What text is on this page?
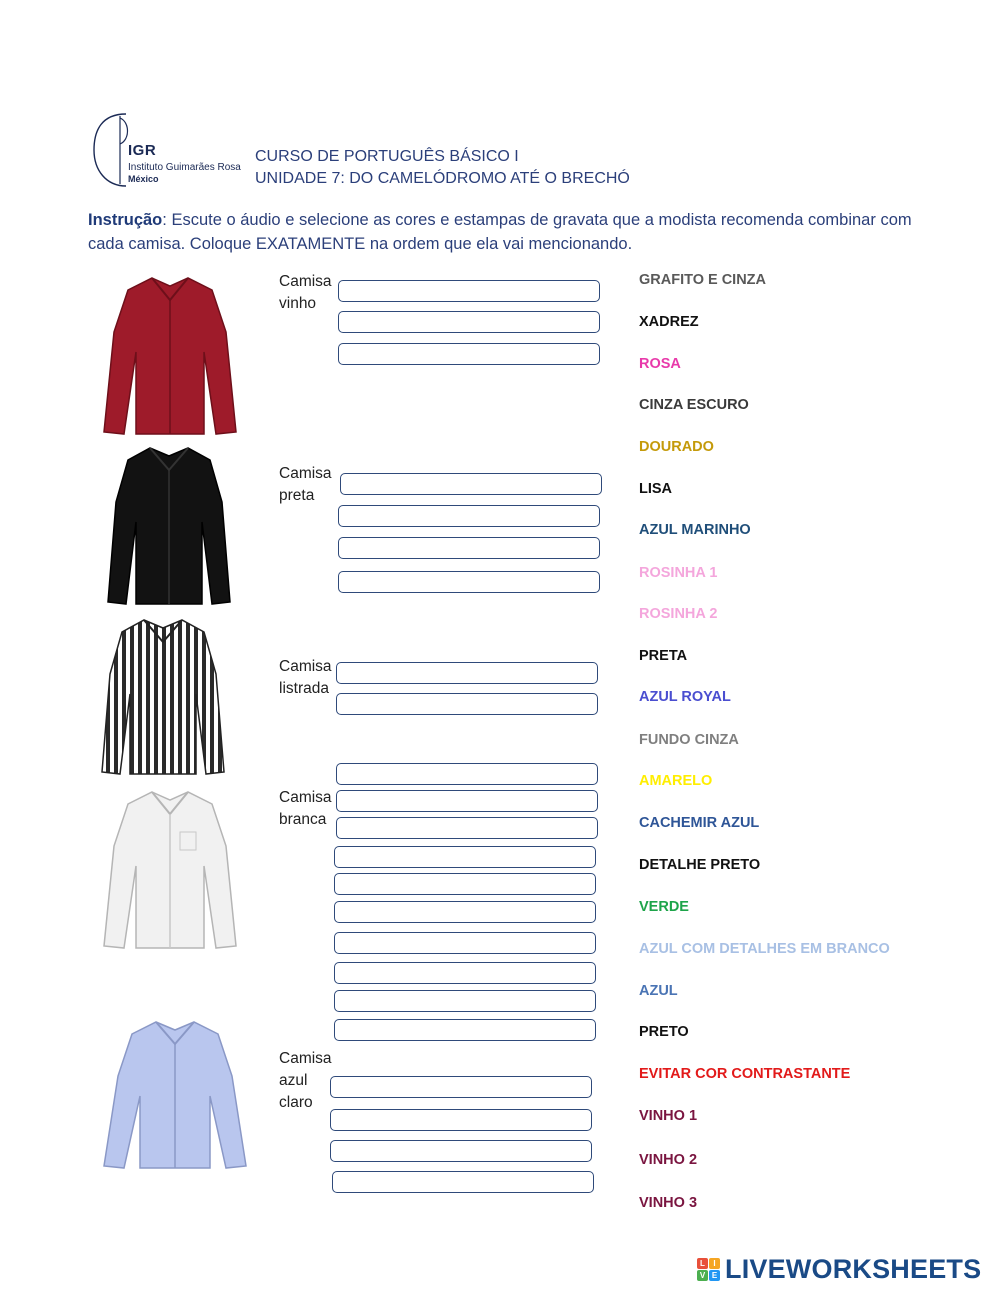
IGR
Instituto Guimarães Rosa
México
CURSO DE PORTUGUÊS BÁSICO I
UNIDADE 7: DO CAMELÓDROMO ATÉ O BRECHÓ
Instrução: Escute o áudio e selecione as cores e estampas de gravata que a modista recomenda combinar com cada camisa. Coloque EXATAMENTE na ordem que ela vai mencionando.
Camisa
vinho
Camisa
preta
Camisa
listrada
Camisa
branca
Camisa
azul
claro
GRAFITO E CINZA
XADREZ
ROSA
CINZA ESCURO
DOURADO
LISA
AZUL MARINHO
ROSINHA 1
ROSINHA 2
PRETA
AZUL ROYAL
FUNDO CINZA
AMARELO
CACHEMIR AZUL
DETALHE PRETO
VERDE
AZUL COM DETALHES EM BRANCO
AZUL
PRETO
EVITAR COR CONTRASTANTE
VINHO 1
VINHO 2
VINHO 3
L	I
V E LIVEWORKSHEETS
